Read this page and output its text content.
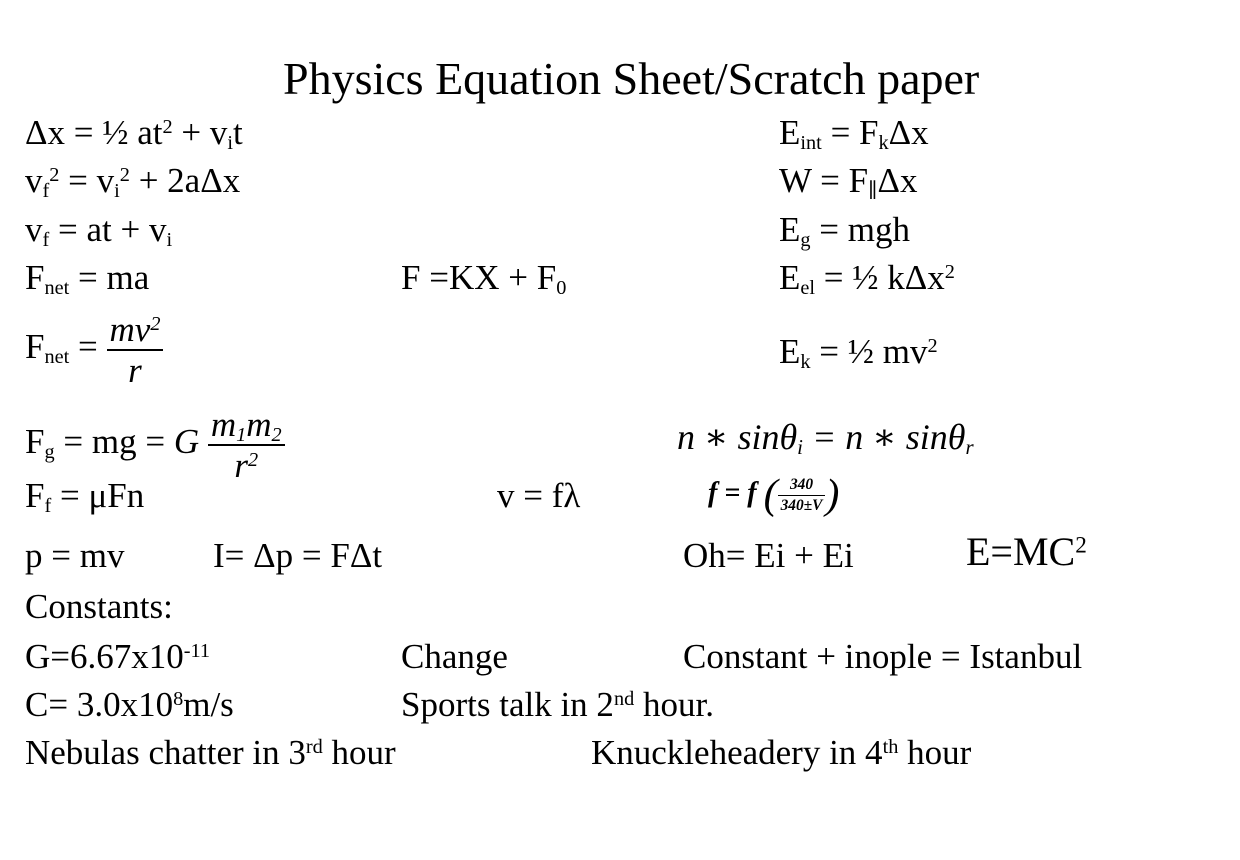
Physics Equation Sheet/Scratch paper
Δx = ½ $at^2 + v_it$
$v_f^2 = v_i^2 + 2a\Delta x$
$v_f$ = at + $v_i$
$F_{net}$ = ma	$F =KX + F_0$
$F_{net} = \frac{mv^2}{r}$
$F_g$ = mg = G $\frac{m_1m_2}{r^2}$
$F_f = \mu Fn$	v = fλ
p = mv	I= Δp = FΔt
$E_{int} = F_k\Delta x$
$W = F_\parallel\Delta x$
$E_g$ = mgh
$E_{el}$ = ½ kΔx$^2$
$E_k$ = ½ $mv^2$
n ∗ sinθ$_i$ = n ∗ sinθ$_r$
f = f ( $\frac{340}{340\pm V}$ )
Oh= Ei + Ei	$E=MC^2$
Constants:
$G=6.67x10^{-11}$	Change	Constant + inople = Istanbul
$C= 3.0x10^8m/s$	Sports talk in 2nd hour.
Nebulas chatter in 3rd hour	Knuckleheadery in 4th hour
